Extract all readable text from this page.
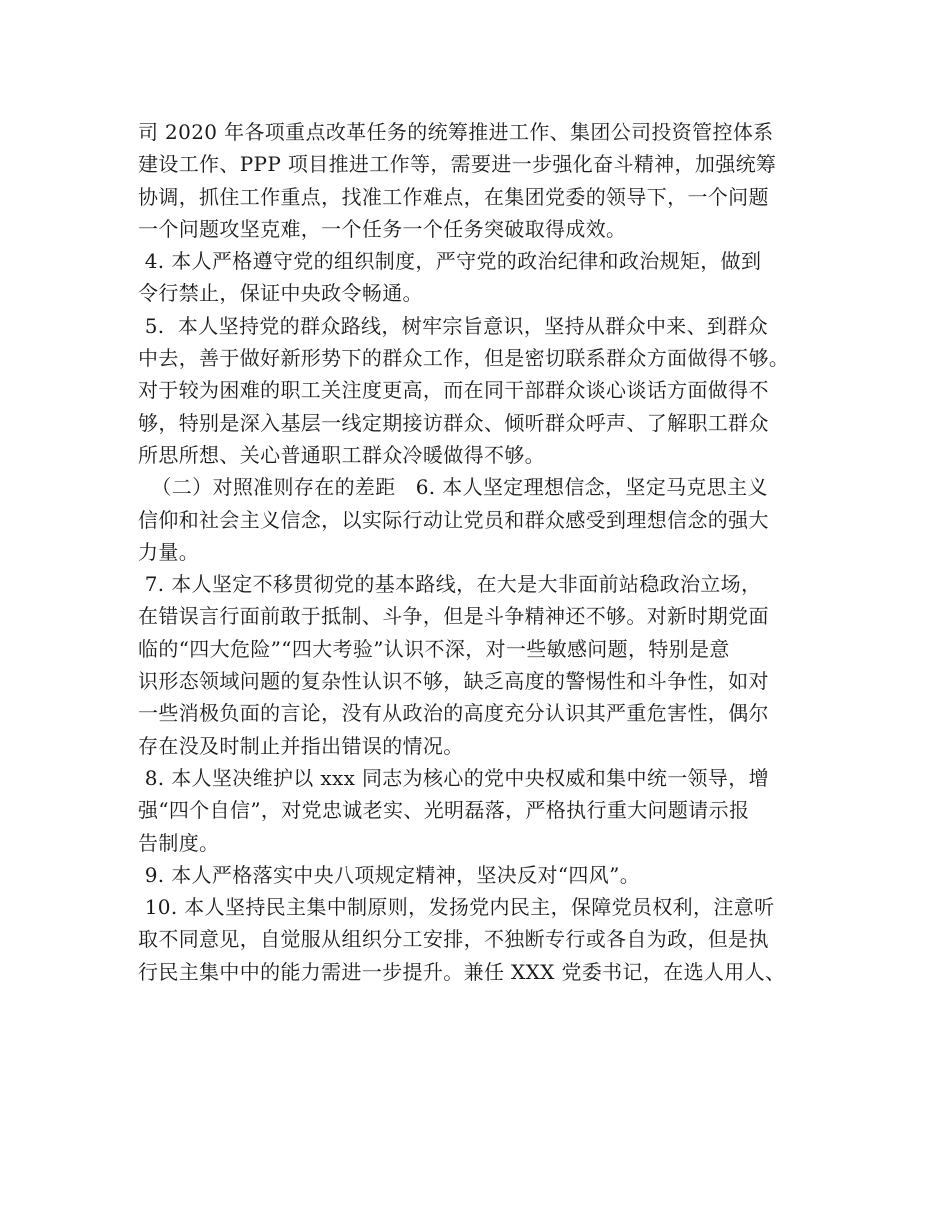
司 2020 年各项重点改革任务的统筹推进工作、集团公司投资管控体系
建设工作、PPP 项目推进工作等，需要进一步强化奋斗精神，加强统筹
协调，抓住工作重点，找准工作难点，在集团党委的领导下，一个问题
一个问题攻坚克难，一个任务一个任务突破取得成效。
4. 本人严格遵守党的组织制度，严守党的政治纪律和政治规矩，做到
令行禁止，保证中央政令畅通。
5.  本人坚持党的群众路线，树牢宗旨意识，坚持从群众中来、到群众
中去，善于做好新形势下的群众工作，但是密切联系群众方面做得不够。
对于较为困难的职工关注度更高，而在同干部群众谈心谈话方面做得不
够，特别是深入基层一线定期接访群众、倾听群众呼声、了解职工群众
所思所想、关心普通职工群众冷暖做得不够。
（二）对照准则存在的差距   6. 本人坚定理想信念，坚定马克思主义
信仰和社会主义信念，以实际行动让党员和群众感受到理想信念的强大
力量。
7. 本人坚定不移贯彻党的基本路线，在大是大非面前站稳政治立场，
在错误言行面前敢于抵制、斗争，但是斗争精神还不够。对新时期党面
临的“四大危险”“四大考验”认识不深，对一些敏感问题，特别是意
识形态领域问题的复杂性认识不够，缺乏高度的警惕性和斗争性，如对
一些消极负面的言论，没有从政治的高度充分认识其严重危害性，偶尔
存在没及时制止并指出错误的情况。
8. 本人坚决维护以 xxx 同志为核心的党中央权威和集中统一领导，增
强“四个自信”，对党忠诚老实、光明磊落，严格执行重大问题请示报
告制度。
9. 本人严格落实中央八项规定精神，坚决反对“四风”。
10. 本人坚持民主集中制原则，发扬党内民主，保障党员权利，注意听
取不同意见，自觉服从组织分工安排，不独断专行或各自为政，但是执
行民主集中中的能力需进一步提升。兼任 XXX 党委书记，在选人用人、
